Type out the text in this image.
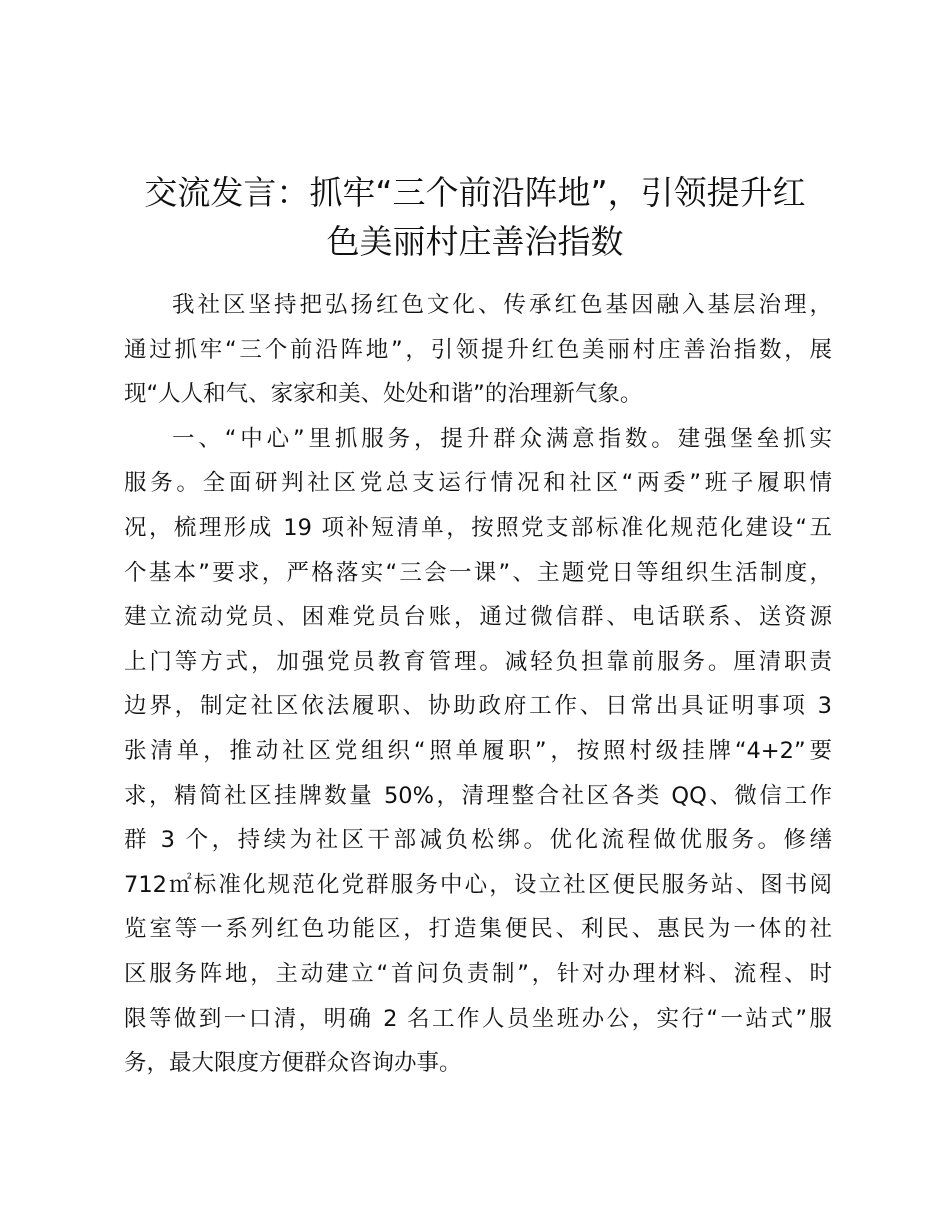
交流发言：抓牢“三个前沿阵地”，引领提升红
色美丽村庄善治指数
我社区坚持把弘扬红色文化、传承红色基因融入基层治理，
通过抓牢“三个前沿阵地”，引领提升红色美丽村庄善治指数，展
现“人人和气、家家和美、处处和谐”的治理新气象。
一、“中心”里抓服务，提升群众满意指数。建强堡垒抓实
服务。全面研判社区党总支运行情况和社区“两委”班子履职情
况，梳理形成 19 项补短清单，按照党支部标准化规范化建设“五
个基本”要求，严格落实“三会一课”、主题党日等组织生活制度，
建立流动党员、困难党员台账，通过微信群、电话联系、送资源
上门等方式，加强党员教育管理。减轻负担靠前服务。厘清职责
边界，制定社区依法履职、协助政府工作、日常出具证明事项 3
张清单，推动社区党组织“照单履职”，按照村级挂牌“4+2”要
求，精简社区挂牌数量 50%，清理整合社区各类 QQ、微信工作
群 3 个，持续为社区干部减负松绑。优化流程做优服务。修缮
712㎡标准化规范化党群服务中心，设立社区便民服务站、图书阅
览室等一系列红色功能区，打造集便民、利民、惠民为一体的社
区服务阵地，主动建立“首问负责制”，针对办理材料、流程、时
限等做到一口清，明确 2 名工作人员坐班办公，实行“一站式”服
务，最大限度方便群众咨询办事。
